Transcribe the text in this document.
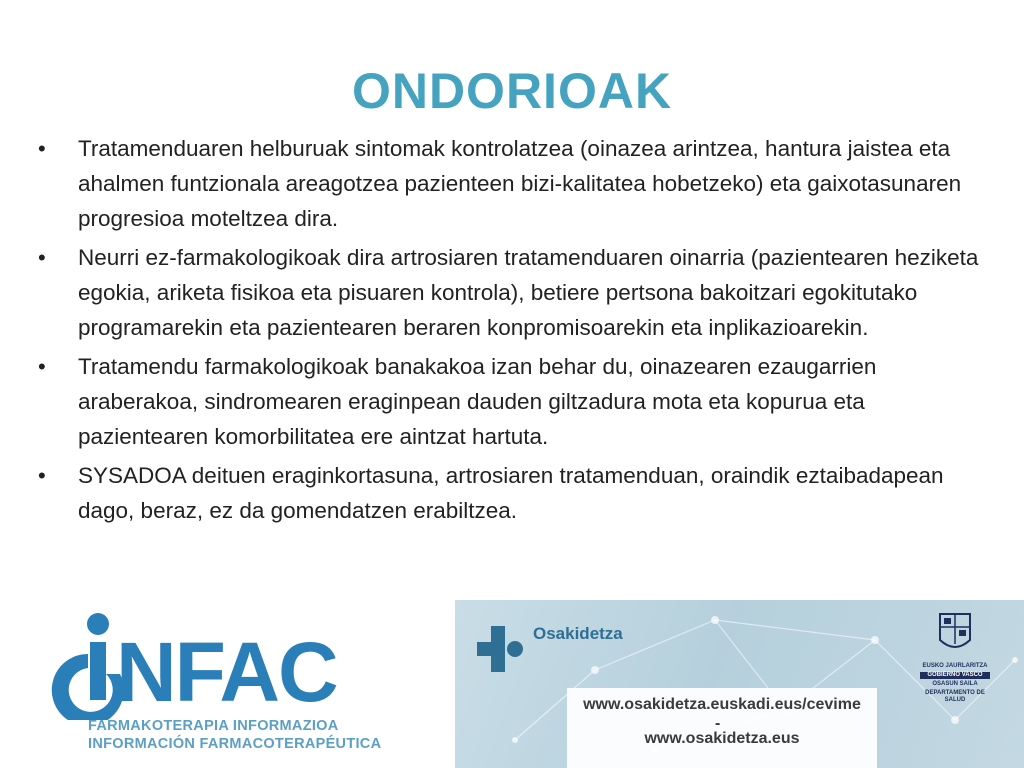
ONDORIOAK
• Tratamenduaren helburuak sintomak kontrolatzea (oinazea arintzea, hantura jaistea eta ahalmen funtzionala areagotzea pazienteen bizi-kalitatea hobetzeko) eta gaixotasunaren progresioa moteltzea dira.
• Neurri ez-farmakologikoak dira artrosiaren tratamenduaren oinarria (pazientearen heziketa egokia, ariketa fisikoa eta pisuaren kontrola), betiere pertsona bakoitzari egokitutako programarekin eta pazientearen beraren konpromisoarekin eta inplikazioarekin.
• Tratamendu farmakologikoak banakakoa izan behar du, oinazearen ezaugarrien araberakoa, sindromearen eraginpean dauden giltzadura mota eta kopurua eta pazientearen komorbilitatea ere aintzat hartuta.
• SYSADOA deituen eraginkortasuna, artrosiaren tratamenduan, oraindik eztaibadapean dago, beraz, ez da gomendatzen erabiltzea.
NFAC
FARMAKOTERAPIA INFORMAZIOA
INFORMACIÓN FARMACOTERAPÉUTICA
Osakidetza
www.osakidetza.euskadi.eus/cevime
-
www.osakidetza.eus
EUSKO JAURLARITZA
GOBIERNO VASCO
OSASUN SAILA
DEPARTAMENTO DE SALUD
